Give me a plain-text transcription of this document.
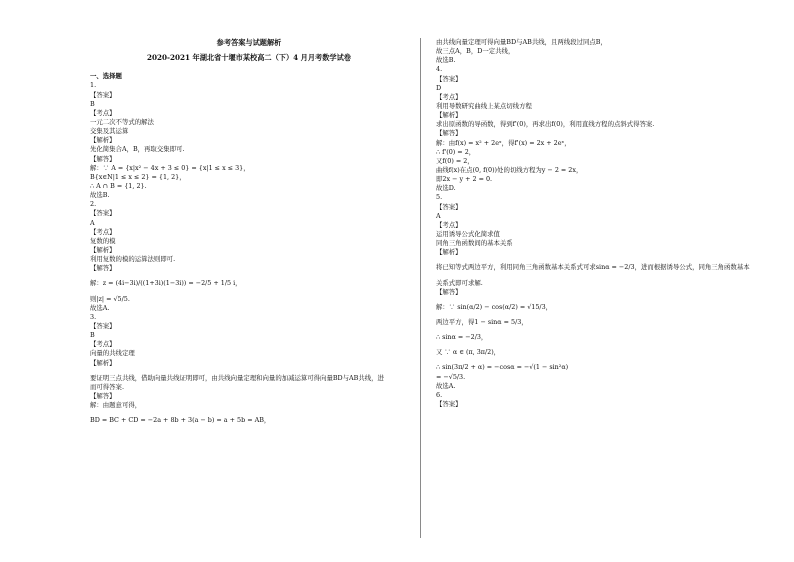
参考答案与试题解析
2020-2021 年湖北省十堰市某校高二（下）4 月月考数学试卷
一、选择题
1.
【答案】
B
【考点】
一元二次不等式的解法
交集及其运算
【解析】
先化简集合A，B，再取交集即可.
【解答】
解：∵ A = {x|x² − 4x + 3 ≤ 0} = {x|1 ≤ x ≤ 3}，
B{x∈N|1 ≤ x ≤ 2} = {1, 2}，
∴ A ∩ B = {1, 2}.
故选B.
2.
【答案】
A
【考点】
复数的模
【解析】
利用复数的模的运算法则即可.
【解答】
解：z = (4i−3i)/((1+3i)(1−3i)) = −2/5 + 1/5 i，
则|z| = √5/5.
故选A.
3.
【答案】
B
【考点】
向量的共线定理
【解析】
要证明三点共线，借助向量共线证明即可，由共线向量定理和向量的加减运算可得向量BD与AB共线，进
而可得答案.
【解答】
解：由题意可得，
BD = BC + CD = −2a + 8b + 3(a − b) = a + 5b = AB，
由共线向量定理可得向量BD与AB共线，且两线段过同点B，
故三点A，B，D一定共线，
故选B.
4.
【答案】
D
【考点】
利用导数研究曲线上某点切线方程
【解析】
求出原函数的导函数，得到f'(0)，再求出f(0)，利用直线方程的点斜式得答案.
【解答】
解：由f(x) = x² + 2eˣ，得f'(x) = 2x + 2eˣ，
∴ f'(0) = 2，
又f(0) = 2，
曲线f(x)在点(0, f(0))处的切线方程为y − 2 = 2x，
即2x − y + 2 = 0.
故选D.
5.
【答案】
A
【考点】
运用诱导公式化简求值
同角三角函数间的基本关系
【解析】
将已知等式两边平方，利用同角三角函数基本关系式可求sinα = −2/3，进而根据诱导公式，同角三角函数基本
关系式即可求解.
【解答】
解：∵ sin(α/2) − cos(α/2) = √15/3，
两边平方，得1 − sinα = 5/3，
∴ sinα = −2/3，
又 ∵ α ∈ (π, 3π/2)，
∴ sin(3π/2 + α) = −cosα = −√(1 − sin²α)
= −√5/3.
故选A.
6.
【答案】
